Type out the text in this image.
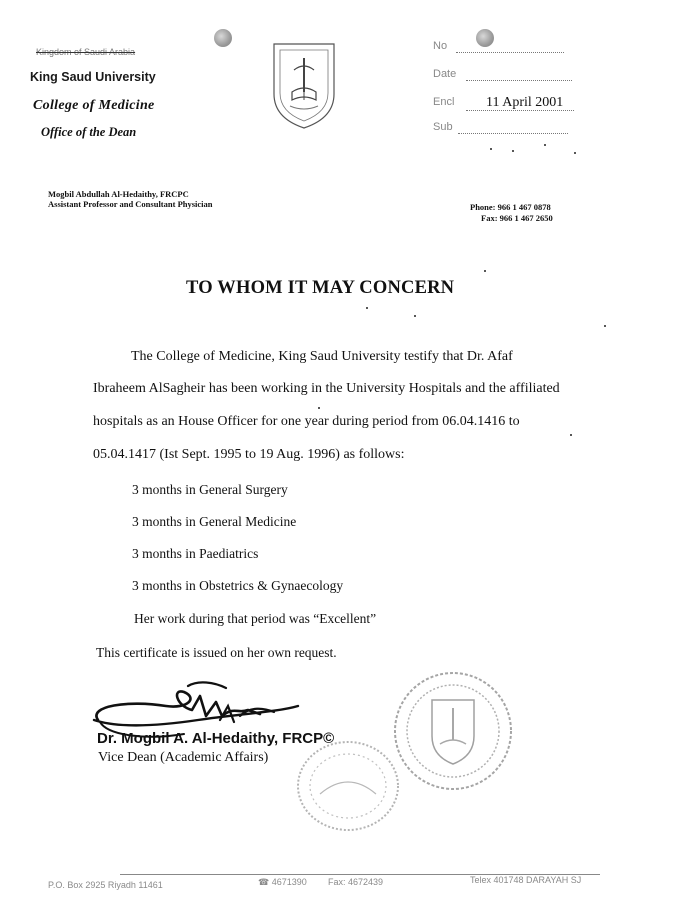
Kingdom of Saudi Arabia
King Saud University
College of Medicine
Office of the Dean
No
Date
Encl 11 April 2001
Sub
Mogbil Abdullah Al-Hedaithy, FRCPC
Assistant Professor and Consultant Physician	Phone: 966 1 467 0878
Fax: 966 1 467 2650
TO WHOM IT MAY CONCERN
The College of Medicine, King Saud University testify that Dr. Afaf
Ibraheem AlSagheir has been working in the University Hospitals and the affiliated
hospitals as an House Officer for one year during period from 06.04.1416 to
05.04.1417 (Ist Sept. 1995 to 19 Aug. 1996) as follows:
3 months in General Surgery
3 months in General Medicine
3 months in Paediatrics
3 months in Obstetrics & Gynaecology
Her work during that period was “Excellent”
This certificate is issued on her own request.
Dr. Mogbil A. Al-Hedaithy, FRCP©
Vice Dean (Academic Affairs)
P.O. Box 2925 Riyadh 11461	☎ 4671390 Fax: 4672439	Telex 401748 DARAYAH SJ
